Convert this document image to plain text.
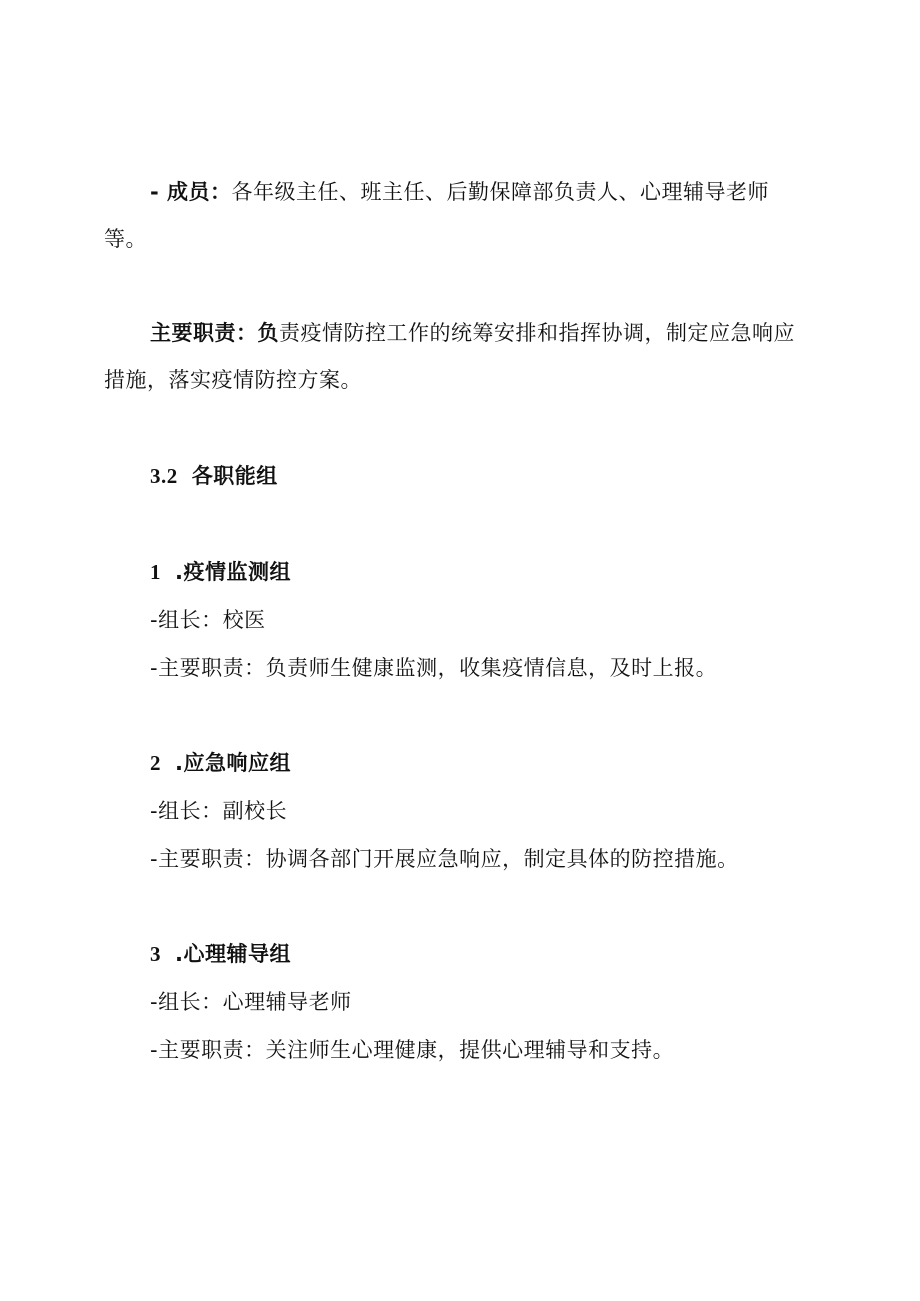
- 成员：各年级主任、班主任、后勤保障部负责人、心理辅导老师
等。
主要职责：负责疫情防控工作的统筹安排和指挥协调，制定应急响应
措施，落实疫情防控方案。
3.2 各职能组
1 .疫情监测组
-组长：校医
-主要职责：负责师生健康监测，收集疫情信息，及时上报。
2 .应急响应组
-组长：副校长
-主要职责：协调各部门开展应急响应，制定具体的防控措施。
3 .心理辅导组
-组长：心理辅导老师
-主要职责：关注师生心理健康，提供心理辅导和支持。
